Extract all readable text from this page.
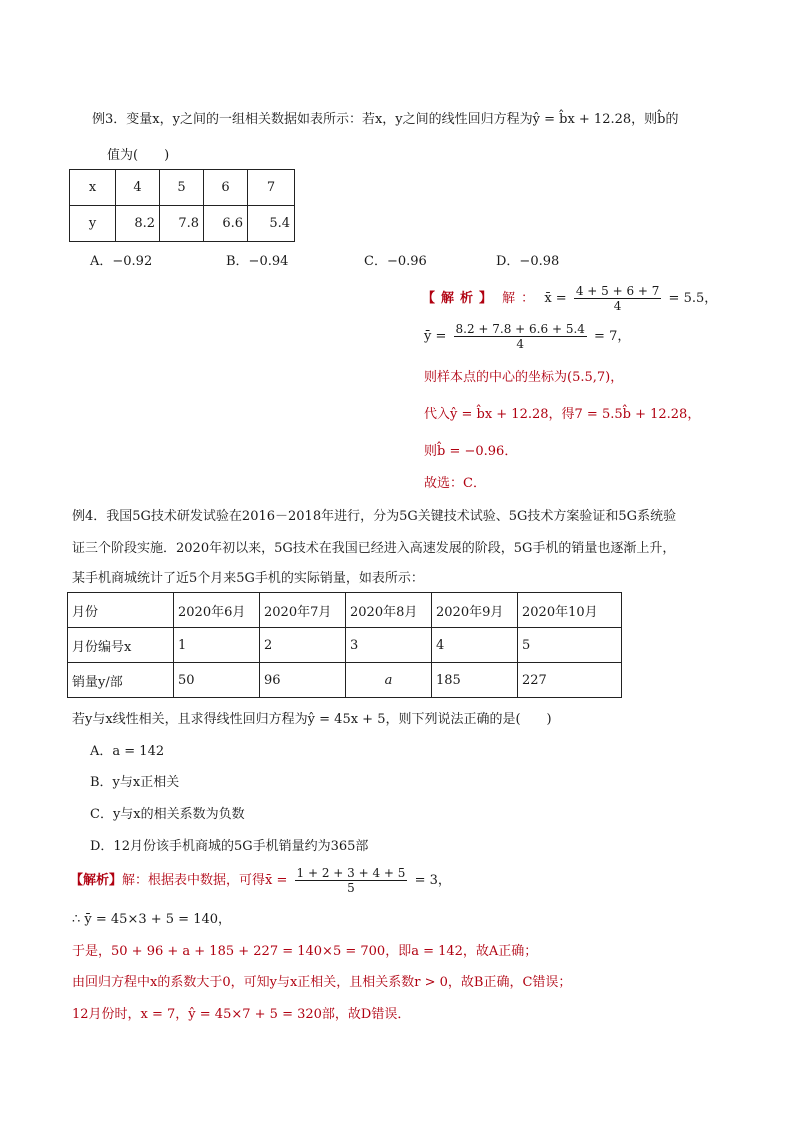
例3．变量x，y之间的一组相关数据如表所示：若x，y之间的线性回归方程为ŷ = b̂x + 12.28，则b̂的
值为(　　)
x	4	5	6	7
y	8.2	7.8	6.6	5.4
A．−0.92	B．−0.94	C．−0.96	D．−0.98
【解析】 解： x̄ = $\frac{4 + 5 + 6 + 7}{4} = 5.5$，
ȳ = $\frac{8.2 + 7.8 + 6.6 + 5.4}{4} = 7$，
则样本点的中心的坐标为(5.5,7)，
代入ŷ = b̂x + 12.28，得7 = 5.5b̂ + 12.28，
则b̂ = −0.96．
故选：C．
例4．我国5G技术研发试验在2016－2018年进行，分为5G关键技术试验、5G技术方案验证和5G系统验
证三个阶段实施．2020年初以来，5G技术在我国已经进入高速发展的阶段，5G手机的销量也逐渐上升，
某手机商城统计了近5个月来5G手机的实际销量，如表所示：
月份	2020年6月	2020年7月	2020年8月	2020年9月	2020年10月
月份编号x	1	2	3	4	5
销量y/部	50	96	a	185	227
若y与x线性相关，且求得线性回归方程为ŷ = 45x + 5，则下列说法正确的是(　　)
A．a = 142
B．y与x正相关
C．y与x的相关系数为负数
D．12月份该手机商城的5G手机销量约为365部
【解析】解：根据表中数据，可得x̄ = $\frac{1 + 2 + 3 + 4 + 5}{5} = 3$，
∴ ȳ = 45×3 + 5 = 140，
于是，50 + 96 + a + 185 + 227 = 140×5 = 700，即a = 142，故A正确；
由回归方程中x的系数大于0，可知y与x正相关，且相关系数r > 0，故B正确，C错误；
12月份时，x = 7，ŷ = 45×7 + 5 = 320部，故D错误．
